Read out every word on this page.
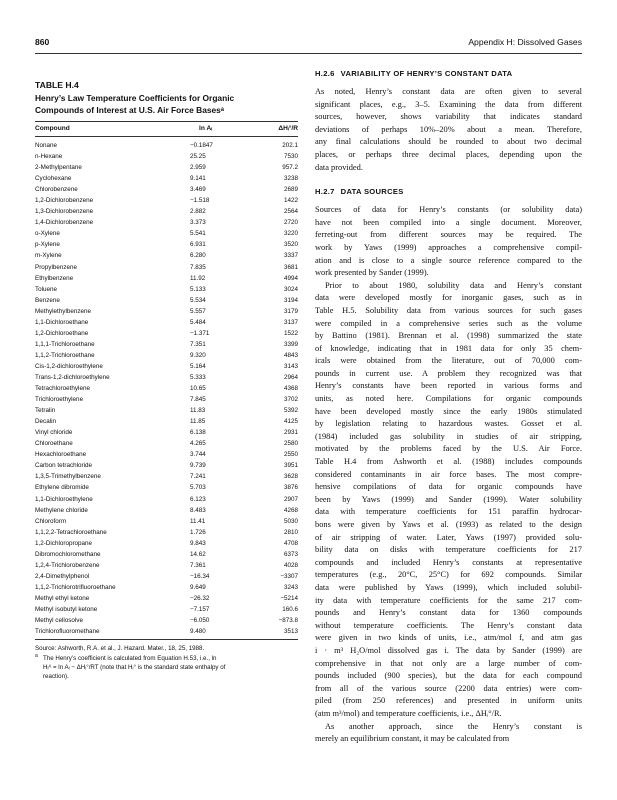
860	Appendix H: Dissolved Gases
TABLE H.4
Henry’s Law Temperature Coefficients for Organic
Compounds of Interest at U.S. Air Force Basesᵃ
Compound	ln Aᵢ	ΔHᵢ°/R
Nonane	−0.1847	202.1
n-Hexane	25.25	7530
2-Methylpentane	2.959	957.2
Cyclohexane	9.141	3238
Chlorobenzene	3.469	2689
1,2-Dichlorobenzene	−1.518	1422
1,3-Dichlorobenzene	2.882	2564
1,4-Dichlorobenzene	3.373	2720
o-Xylene	5.541	3220
p-Xylene	6.931	3520
m-Xylene	6.280	3337
Propylbenzene	7.835	3681
Ethylbenzene	11.92	4994
Toluene	5.133	3024
Benzene	5.534	3194
Methylethylbenzene	5.557	3179
1,1-Dichloroethane	5.484	3137
1,2-Dichloroethane	−1.371	1522
1,1,1-Trichloroethane	7.351	3399
1,1,2-Trichloroethane	9.320	4843
Cis-1,2-dichloroethylene	5.164	3143
Trans-1,2-dichloroethylene	5.333	2964
Tetrachloroethylene	10.65	4368
Trichloroethylene	7.845	3702
Tetralin	11.83	5392
Decalin	11.85	4125
Vinyl chloride	6.138	2931
Chloroethane	4.265	2580
Hexachloroethane	3.744	2550
Carbon tetrachloride	9.739	3951
1,3,5-Trimethylbenzene	7.241	3628
Ethylene dibromide	5.703	3876
1,1-Dichloroethylene	6.123	2907
Methylene chloride	8.483	4268
Chloroform	11.41	5030
1,1,2,2-Tetrachloroethane	1.726	2810
1,2-Dichloropropane	9.843	4708
Dibromochloromethane	14.62	6373
1,2,4-Trichlorobenzene	7.361	4028
2,4-Dimethylphenol	−16.34	−3307
1,1,2-Trichlorotrifluoroethane	9.649	3243
Methyl ethyl ketone	−26.32	−5214
Methyl isobutyl ketone	−7.157	160.6
Methyl cellosolve	−6.050	−873.8
Trichlorofluoromethane	9.480	3513
Source: Ashworth, R.A. et al., J. Hazard. Mater., 18, 25, 1988.
a The Henry’s coefficient is calculated from Equation H.53, i.e., ln
Hᵢᴬ = ln Aᵢ − ΔHᵢ°/RT (note that Hᵢ° is the standard state enthalpy of
reaction).
H.2.6 VARIABILITY OF HENRY’S CONSTANT DATA
As noted, Henry’s constant data are often given to several
significant places, e.g., 3–5. Examining the data from different
sources, however, shows variability that indicates standard
deviations of perhaps 10%–20% about a mean. Therefore,
any final calculations should be rounded to about two decimal
places, or perhaps three decimal places, depending upon the
data provided.
H.2.7 DATA SOURCES
Sources of data for Henry’s constants (or solubility data)
have not been compiled into a single document. Moreover,
ferreting-out from different sources may be required. The
work by Yaws (1999) approaches a comprehensive compil-
ation and is close to a single source reference compared to the
work presented by Sander (1999).
Prior to about 1980, solubility data and Henry’s constant
data were developed mostly for inorganic gases, such as in
Table H.5. Solubility data from various sources for such gases
were compiled in a comprehensive series such as the volume
by Battino (1981). Brennan et al. (1998) summarized the state
of knowledge, indicating that in 1981 data for only 35 chem-
icals were obtained from the literature, out of 70,000 com-
pounds in current use. A problem they recognized was that
Henry’s constants have been reported in various forms and
units, as noted here. Compilations for organic compounds
have been developed mostly since the early 1980s stimulated
by legislation relating to hazardous wastes. Gosset et al.
(1984) included gas solubility in studies of air stripping,
motivated by the problems faced by the U.S. Air Force.
Table H.4 from Ashworth et al. (1988) includes compounds
considered contaminants in air force bases. The most compre-
hensive compilations of data for organic compounds have
been by Yaws (1999) and Sander (1999). Water solubility
data with temperature coefficients for 151 paraffin hydrocar-
bons were given by Yaws et al. (1993) as related to the design
of air stripping of water. Later, Yaws (1997) provided solu-
bility data on disks with temperature coefficients for 217
compounds and included Henry’s constants at representative
temperatures (e.g., 20°C, 25°C) for 692 compounds. Similar
data were published by Yaws (1999), which included solubil-
ity data with temperature coefficients for the same 217 com-
pounds and Henry’s constant data for 1360 compounds
without temperature coefficients. The Henry’s constant data
were given in two kinds of units, i.e., atm/mol f, and atm gas
i · m³ H₂O/mol dissolved gas i. The data by Sander (1999) are
comprehensive in that not only are a large number of com-
pounds included (900 species), but the data for each compound
from all of the various source (2200 data entries) were com-
piled (from 250 references) and presented in uniform units
(atm m³/mol) and temperature coefficients, i.e., ΔHᵢ°/R.
As another approach, since the Henry’s constant is
merely an equilibrium constant, it may be calculated from
